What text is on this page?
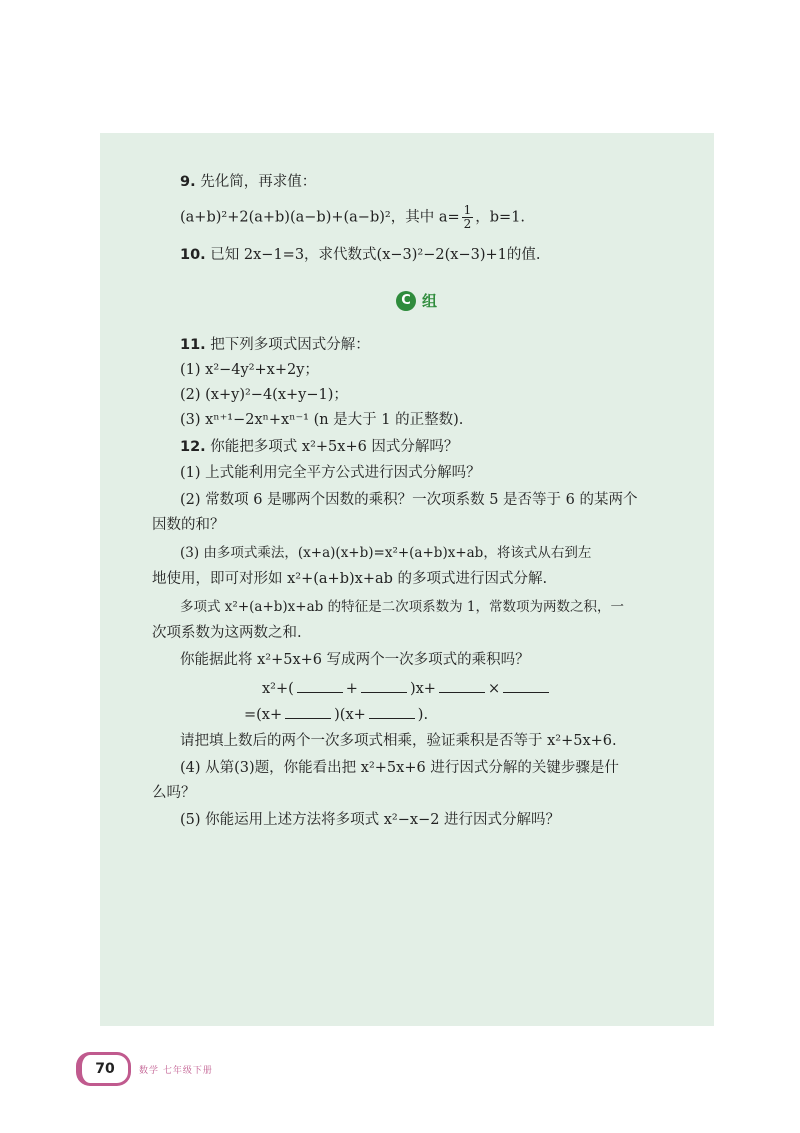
9. 先化简，再求值：
(a+b)²+2(a+b)(a−b)+(a−b)²，其中 $a= \frac{1}{2}$ ，b=1.
10. 已知 2x−1=3，求代数式(x−3)²−2(x−3)+1的值.
C 组
11. 把下列多项式因式分解：
(1) x²−4y²+x+2y；
(2) (x+y)²−4(x+y−1)；
(3) xⁿ⁺¹−2xⁿ+xⁿ⁻¹ (n 是大于 1 的正整数).
12. 你能把多项式 x²+5x+6 因式分解吗？
(1) 上式能利用完全平方公式进行因式分解吗？
(2) 常数项 6 是哪两个因数的乘积？一次项系数 5 是否等于 6 的某两个
因数的和？
(3) 由多项式乘法，(x+a)(x+b)=x²+(a+b)x+ab，将该式从右到左
地使用，即可对形如 x²+(a+b)x+ab 的多项式进行因式分解.
多项式 x²+(a+b)x+ab 的特征是二次项系数为 1，常数项为两数之积，一
次项系数为这两数之和.
你能据此将 x²+5x+6 写成两个一次多项式的乘积吗？
x²+(	+	)x+	×
=(x+	)(x+	).
请把填上数后的两个一次多项式相乘，验证乘积是否等于 x²+5x+6.
(4) 从第(3)题，你能看出把 x²+5x+6 进行因式分解的关键步骤是什
么吗？
(5) 你能运用上述方法将多项式 x²−x−2 进行因式分解吗？
70	数学 七年级下册
